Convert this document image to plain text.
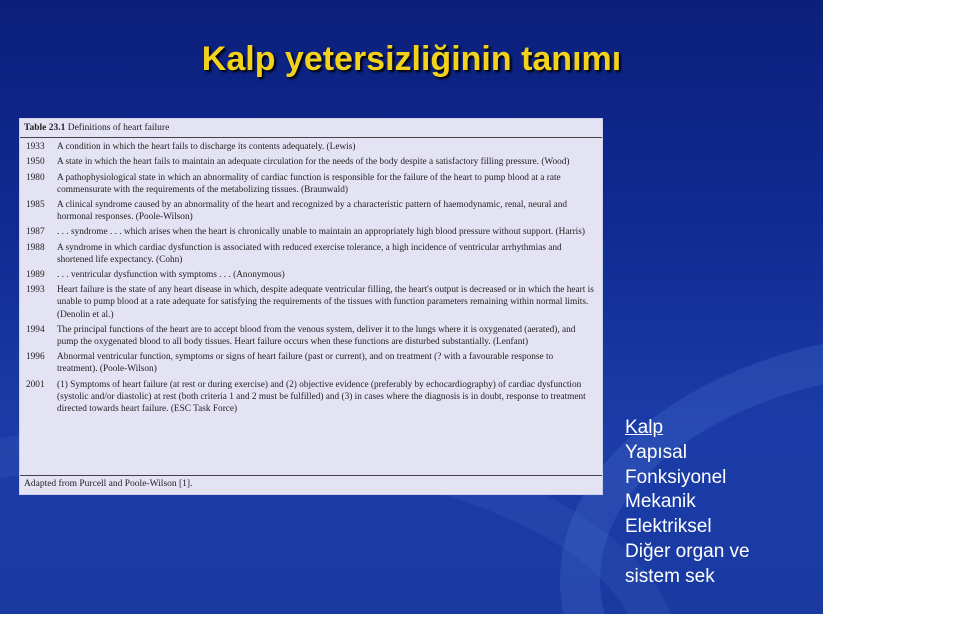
Kalp yetersizliğinin tanımı
Table 23.1 Definitions of heart failure
1933	A condition in which the heart fails to discharge its contents adequately. (Lewis)
1950	A state in which the heart fails to maintain an adequate circulation for the needs of the body despite a satisfactory filling pressure. (Wood)
1980	A pathophysiological state in which an abnormality of cardiac function is responsible for the failure of the heart to pump blood at a rate commensurate with the requirements of the metabolizing tissues. (Braunwald)
1985	A clinical syndrome caused by an abnormality of the heart and recognized by a characteristic pattern of haemodynamic, renal, neural and hormonal responses. (Poole-Wilson)
1987	. . . syndrome . . . which arises when the heart is chronically unable to maintain an appropriately high blood pressure without support. (Harris)
1988	A syndrome in which cardiac dysfunction is associated with reduced exercise tolerance, a high incidence of ventricular arrhythmias and shortened life expectancy. (Cohn)
1989	. . . ventricular dysfunction with symptoms . . . (Anonymous)
1993	Heart failure is the state of any heart disease in which, despite adequate ventricular filling, the heart's output is decreased or in which the heart is unable to pump blood at a rate adequate for satisfying the requirements of the tissues with function parameters remaining within normal limits. (Denolin et al.)
1994	The principal functions of the heart are to accept blood from the venous system, deliver it to the lungs where it is oxygenated (aerated), and pump the oxygenated blood to all body tissues. Heart failure occurs when these functions are disturbed substantially. (Lenfant)
1996	Abnormal ventricular function, symptoms or signs of heart failure (past or current), and on treatment (? with a favourable response to treatment). (Poole-Wilson)
2001	(1) Symptoms of heart failure (at rest or during exercise) and (2) objective evidence (preferably by echocardiography) of cardiac dysfunction (systolic and/or diastolic) at rest (both criteria 1 and 2 must be fulfilled) and (3) in cases where the diagnosis is in doubt, response to treatment directed towards heart failure. (ESC Task Force)
Adapted from Purcell and Poole-Wilson [1].
Kalp
Yapısal
Fonksiyonel
Mekanik
Elektriksel
Diğer organ ve
sistem sek
